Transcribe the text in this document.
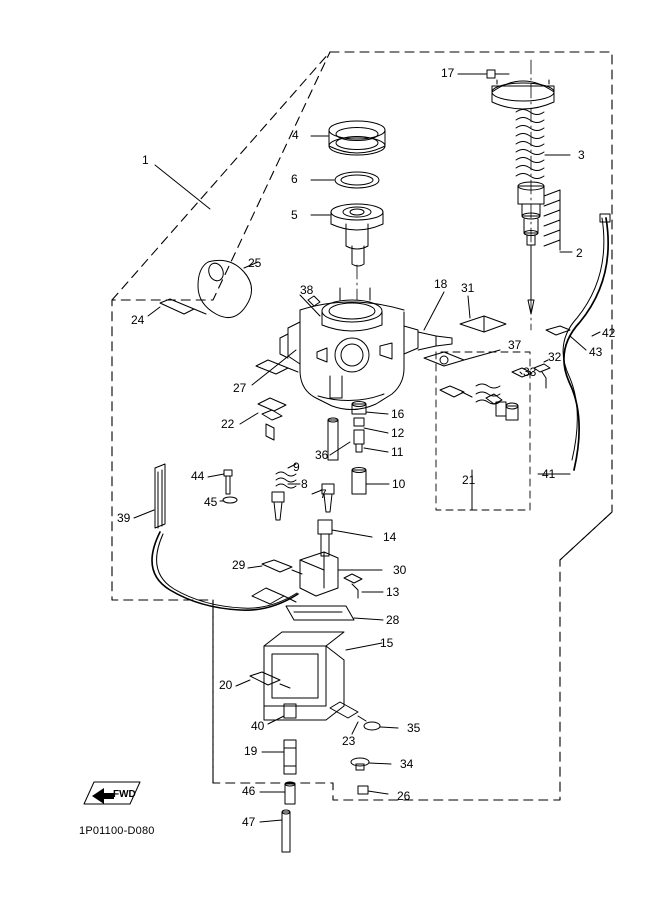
1
2
3
4
5
6
7
8
9
10
11
12
13
14
15
16
17
18
19
20
21
22
23
24
25
26
27
28
29	30
31
32
33
34
35
36
37
38
39
40
41
42
43
44
45
46
47
FWD
1P01100-D080
